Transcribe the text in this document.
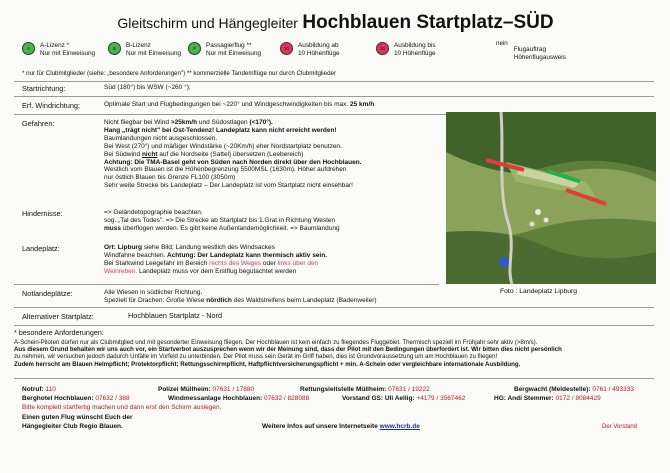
Gleitschirm und Hängegleiter Hochblauen Startplatz–SÜD
A	A-Lizenz *
Nur mit Einweisung
B	B-Lizenz
Nur mit Einweisung
P	Passagierflug **
Nur mit Einweisung
10	Ausbildung ab
10 Höhenflüge
10	Ausbildung bis
10 Höhenflüge
nein
Flugauftrag
Höhenflugausweis
* nur für Clubmitglieder (siehe: „besondere Anforderungen") ** kommerzielle Tandemflüge nur durch Clubmitglieder
Startrichtung:	Süd (180°) bis WSW (~260 °);
Erf. Windrichtung:	Optimale Start und Flugbedingungen bei ~220° und Windgeschwindigkeiten bis max. 25 km/h
Gefahren:	Nicht fliegbar bei Wind >25km/h und Südostlagen (<170°).
Hang „trägt nicht" bei Ost-Tendenz! Landeplatz kann nicht erreicht werden!
Baumlandungen nicht ausgeschlossen.
Bei West (270°) und mäßiger Windstärke (~20Km/h) eher Nordstartplatz benutzen.
Bei Südwind nicht auf die Nordseite (Sattel) übersetzen (Leebereich)
Achtung: Die TMA-Basel geht von Süden nach Norden direkt über den Hochblauen.
Westlich vom Blauen ist die Höhenbegrenzung 5500MSL (1630m). Höher aufdrehen
nur östlich Blauen bis Grenze FL100 (3050m)
Sehr weite Strecke bis Landeplatz – Der Landeplatz ist vom Startplatz nicht einsehbar!
Hindernisse:	=> Geländetopographie beachten.
sog. „Tal des Todes". => Die Strecke ab Startplatz bis 1.Grat in Richtung Westen
muss überflogen werden. Es gibt keine Außenlandemöglichkeit. => Baumlandung
Landeplatz:	Ort: Lipburg siehe Bild; Landung westlich des Windsackes
Windfahne beachten. Achtung: Der Landeplatz kann thermisch aktiv sein.
Bei Starkwind Leegefahr im Bereich rechts des Weges oder links über den
Weinreben. Landeplatz muss vor dem Erstflug begutachtet werden
Notlandeplätze:	Alle Wiesen in südlicher Richtung.
Speziell für Drachen: Große Wiese nördlich des Waldstreifens beim Landeplatz (Badenweiler)
Alternativer Startplatz:	Hochblauen Startplatz - Nord
Foto : Landeplatz Lipburg
* besondere Anforderungen:
A-Schein-Piloten dürfen nur als Clubmitglied und mit gesonderter Einweisung fliegen. Der Hochblauen ist kein einfach zu fliegendes Fluggebiet. Thermisch speziell im Frühjahr sehr aktiv (>8m/s).
Aus diesem Grund behalten wir uns auch vor, ein Startverbot auszusprechen wenn wir der Meinung sind, dass der Pilot mit den Bedingungen überfordert ist. Wir bitten dies nicht persönlich
zu nehmen, wir versuchen jedoch dadurch Unfälle im Vorfeld zu unterbinden. Der Pilot muss sein Gerät im Griff haben, dies ist Grundvoraussetzung um am Hochblauen zu fliegen!
Zudem herrscht am Blauen Helmpflicht; Protektorpflicht; Rettungsschirmpflicht, Haftpflichtversicherungspflicht + min. A-Schein oder vergleichbare internationale Ausbildung.
Notruf: 110	Polizei Müllheim: 07631 / 17880	Rettungsleitstelle Müllheim: 07631 / 19222	Bergwacht (Meldestelle): 0761 / 493333
Berghotel Hochblauen: 07632 / 388	Windmessanlage Hochblauen: 07632 / 828088	Vorstand GS: Uli Aellig: +4179 / 3567462	HG: Andi Stemmer: 0172 / 8084429
Bitte komplett startfertig machen und dann erst den Schirm auslegen.
Einen guten Flug wünscht Euch der
Hängegleiter Club Regio Blauen.	Weitere Infos auf unsere Internetseite www.hcrb.de	Der Vorstand
